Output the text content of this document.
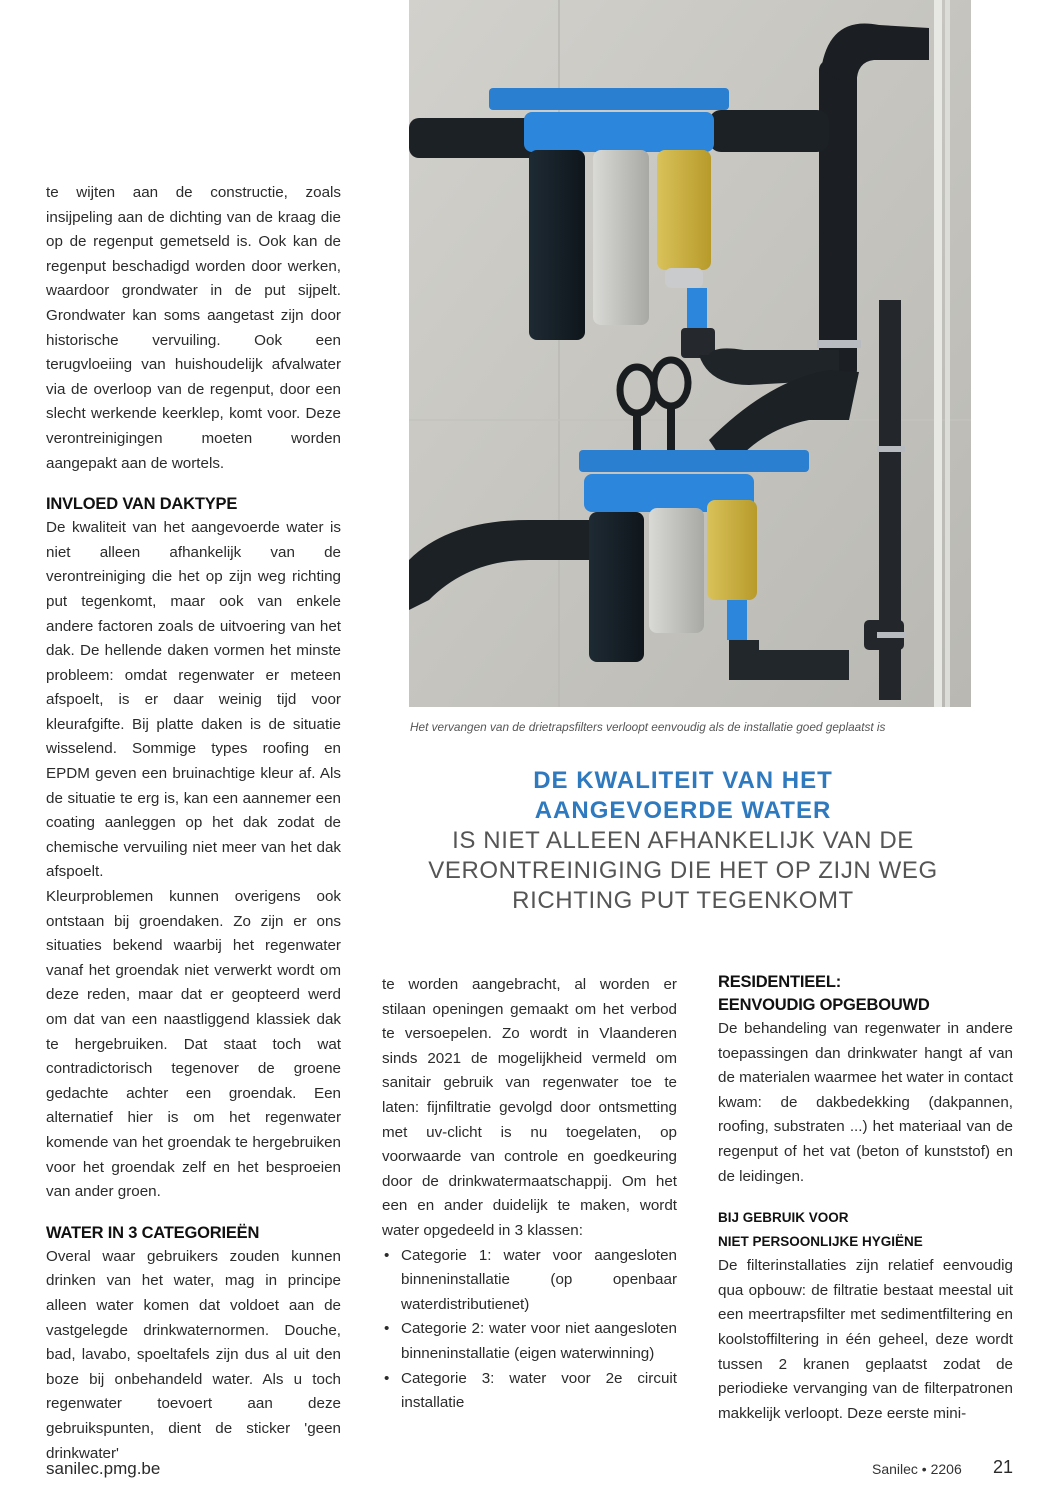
te wijten aan de constructie, zoals insijpeling aan de dichting van de kraag die op de regenput gemetseld is. Ook kan de regenput beschadigd worden door werken, waardoor grondwater in de put sijpelt. Grondwater kan soms aangetast zijn door historische vervuiling. Ook een terugvloeiing van huishoudelijk afvalwater via de overloop van de regenput, door een slecht werkende keerklep, komt voor. Deze verontreinigingen moeten worden aangepakt aan de wortels.

INVLOED VAN DAKTYPE

De kwaliteit van het aangevoerde water is niet alleen afhankelijk van de verontreiniging die het op zijn weg richting put tegenkomt, maar ook van enkele andere factoren zoals de uitvoering van het dak. De hellende daken vormen het minste probleem: omdat regenwater er meteen afspoelt, is er daar weinig tijd voor kleurafgifte. Bij platte daken is de situatie wisselend. Sommige types roofing en EPDM geven een bruinachtige kleur af. Als de situatie te erg is, kan een aannemer een coating aanleggen op het dak zodat de chemische vervuiling niet meer van het dak afspoelt.

Kleurproblemen kunnen overigens ook ontstaan bij groendaken. Zo zijn er ons situaties bekend waarbij het regenwater vanaf het groendak niet verwerkt wordt om deze reden, maar dat er geopteerd werd om dat van een naastliggend klassiek dak te hergebruiken. Dat staat toch wat contradictorisch tegenover de groene gedachte achter een groendak. Een alternatief hier is om het regenwater komende van het groendak te hergebruiken voor het groendak zelf en het besproeien van ander groen.

WATER IN 3 CATEGORIEËN

Overal waar gebruikers zouden kunnen drinken van het water, mag in principe alleen water komen dat voldoet aan de vastgelegde drinkwaternormen. Douche, bad, lavabo, spoeltafels zijn dus al uit den boze bij onbehandeld water. Als u toch regenwater toevoert aan deze gebruikspunten, dient de sticker 'geen drinkwater'

Het vervangen van de drietrapsfilters verloopt eenvoudig als de installatie goed geplaatst is
DE KWALITEIT VAN HET
AANGEVOERDE WATER
IS NIET ALLEEN AFHANKELIJK VAN DE
VERONTREINIGING DIE HET OP ZIJN WEG
RICHTING PUT TEGENKOMT

te worden aangebracht, al worden er stilaan openingen gemaakt om het verbod te versoepelen. Zo wordt in Vlaanderen sinds 2021 de mogelijkheid vermeld om sanitair gebruik van regenwater toe te laten: fijnfiltratie gevolgd door ontsmetting met uv-clicht is nu toegelaten, op voorwaarde van controle en goedkeuring door de drinkwatermaatschappij. Om het een en ander duidelijk te maken, wordt water opgedeeld in 3 klassen:

• Categorie 1: water voor aangesloten binneninstallatie (op openbaar waterdistributienet)
• Categorie 2: water voor niet aangesloten binneninstallatie (eigen waterwinning)
• Categorie 3: water voor 2e circuit installatie
RESIDENTIEEL:
EENVOUDIG OPGEBOUWD

De behandeling van regenwater in andere toepassingen dan drinkwater hangt af van de materialen waarmee het water in contact kwam: de dakbedekking (dakpannen, roofing, substraten ...) het materiaal van de regenput of het vat (beton of kunststof) en de leidingen.

BIJ GEBRUIK VOOR
NIET PERSOONLIJKE HYGIËNE

De filterinstallaties zijn relatief eenvoudig qua opbouw: de filtratie bestaat meestal uit een meertrapsfilter met sedimentfiltering en koolstoffiltering in één geheel, deze wordt tussen 2 kranen geplaatst zodat de periodieke vervanging van de filterpatronen makkelijk verloopt. Deze eerste mini-

sanilec.pmg.be	Sanilec • 2206 21
